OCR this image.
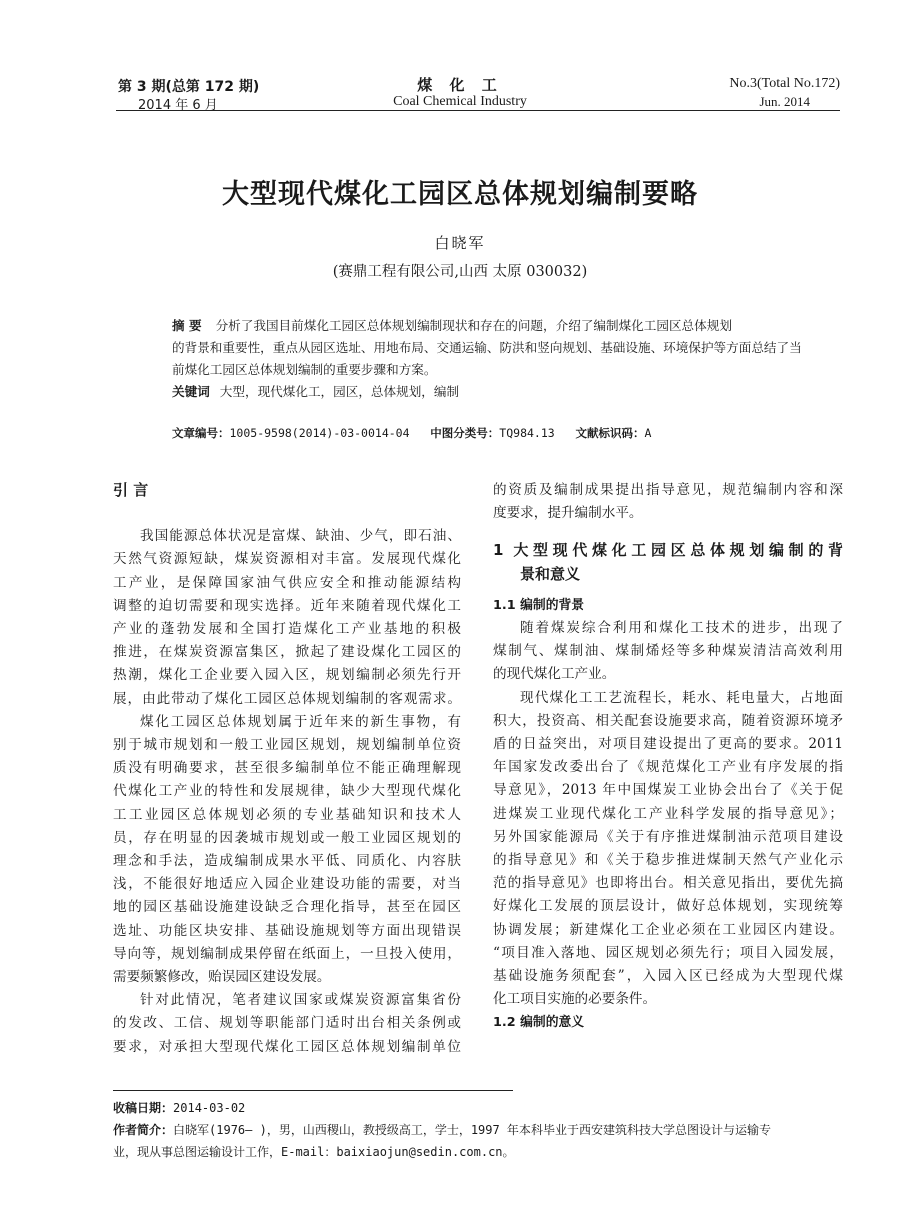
第 3 期(总第 172 期)
2014 年 6 月
煤 化 工
Coal Chemical Industry
No.3(Total No.172)
Jun. 2014
大型现代煤化工园区总体规划编制要略
白晓军
(赛鼎工程有限公司,山西 太原 030032)
摘 要 分析了我国目前煤化工园区总体规划编制现状和存在的问题，介绍了编制煤化工园区总体规划
的背景和重要性，重点从园区选址、用地布局、交通运输、防洪和竖向规划、基础设施、环境保护等方面总结了当
前煤化工园区总体规划编制的重要步骤和方案。
关键词 大型，现代煤化工，园区，总体规划，编制
文章编号：1005-9598(2014)-03-0014-04 中图分类号：TQ984.13 文献标识码：A
引 言
我国能源总体状况是富煤、缺油、少气，即石油、
天然气资源短缺，煤炭资源相对丰富。发展现代煤化
工产业，是保障国家油气供应安全和推动能源结构
调整的迫切需要和现实选择。近年来随着现代煤化工
产业的蓬勃发展和全国打造煤化工产业基地的积极
推进，在煤炭资源富集区，掀起了建设煤化工园区的
热潮，煤化工企业要入园入区，规划编制必须先行开
展，由此带动了煤化工园区总体规划编制的客观需求。
煤化工园区总体规划属于近年来的新生事物，有
别于城市规划和一般工业园区规划，规划编制单位资
质没有明确要求，甚至很多编制单位不能正确理解现
代煤化工产业的特性和发展规律，缺少大型现代煤化
工工业园区总体规划必须的专业基础知识和技术人
员，存在明显的因袭城市规划或一般工业园区规划的
理念和手法，造成编制成果水平低、同质化、内容肤
浅，不能很好地适应入园企业建设功能的需要，对当
地的园区基础设施建设缺乏合理化指导，甚至在园区
选址、功能区块安排、基础设施规划等方面出现错误
导向等，规划编制成果停留在纸面上，一旦投入使用，
需要频繁修改，贻误园区建设发展。
针对此情况，笔者建议国家或煤炭资源富集省份
的发改、工信、规划等职能部门适时出台相关条例或
要求，对承担大型现代煤化工园区总体规划编制单位
的资质及编制成果提出指导意见，规范编制内容和深
度要求，提升编制水平。
1 大型现代煤化工园区总体规划编制的背
景和意义
1.1 编制的背景
随着煤炭综合利用和煤化工技术的进步，出现了
煤制气、煤制油、煤制烯烃等多种煤炭清洁高效利用
的现代煤化工产业。
现代煤化工工艺流程长，耗水、耗电量大，占地面
积大，投资高、相关配套设施要求高，随着资源环境矛
盾的日益突出，对项目建设提出了更高的要求。2011
年国家发改委出台了《规范煤化工产业有序发展的指
导意见》，2013 年中国煤炭工业协会出台了《关于促
进煤炭工业现代煤化工产业科学发展的指导意见》；
另外国家能源局《关于有序推进煤制油示范项目建设
的指导意见》和《关于稳步推进煤制天然气产业化示
范的指导意见》也即将出台。相关意见指出，要优先搞
好煤化工发展的顶层设计，做好总体规划，实现统筹
协调发展；新建煤化工企业必须在工业园区内建设。
“项目准入落地、园区规划必须先行；项目入园发展，
基础设施务须配套”，入园入区已经成为大型现代煤
化工项目实施的必要条件。
1.2 编制的意义
收稿日期：2014-03-02
作者简介：白晓军(1976— )，男，山西稷山，教授级高工，学士，1997 年本科毕业于西安建筑科技大学总图设计与运输专
业，现从事总图运输设计工作，E-mail：baixiaojun@sedin.com.cn。
